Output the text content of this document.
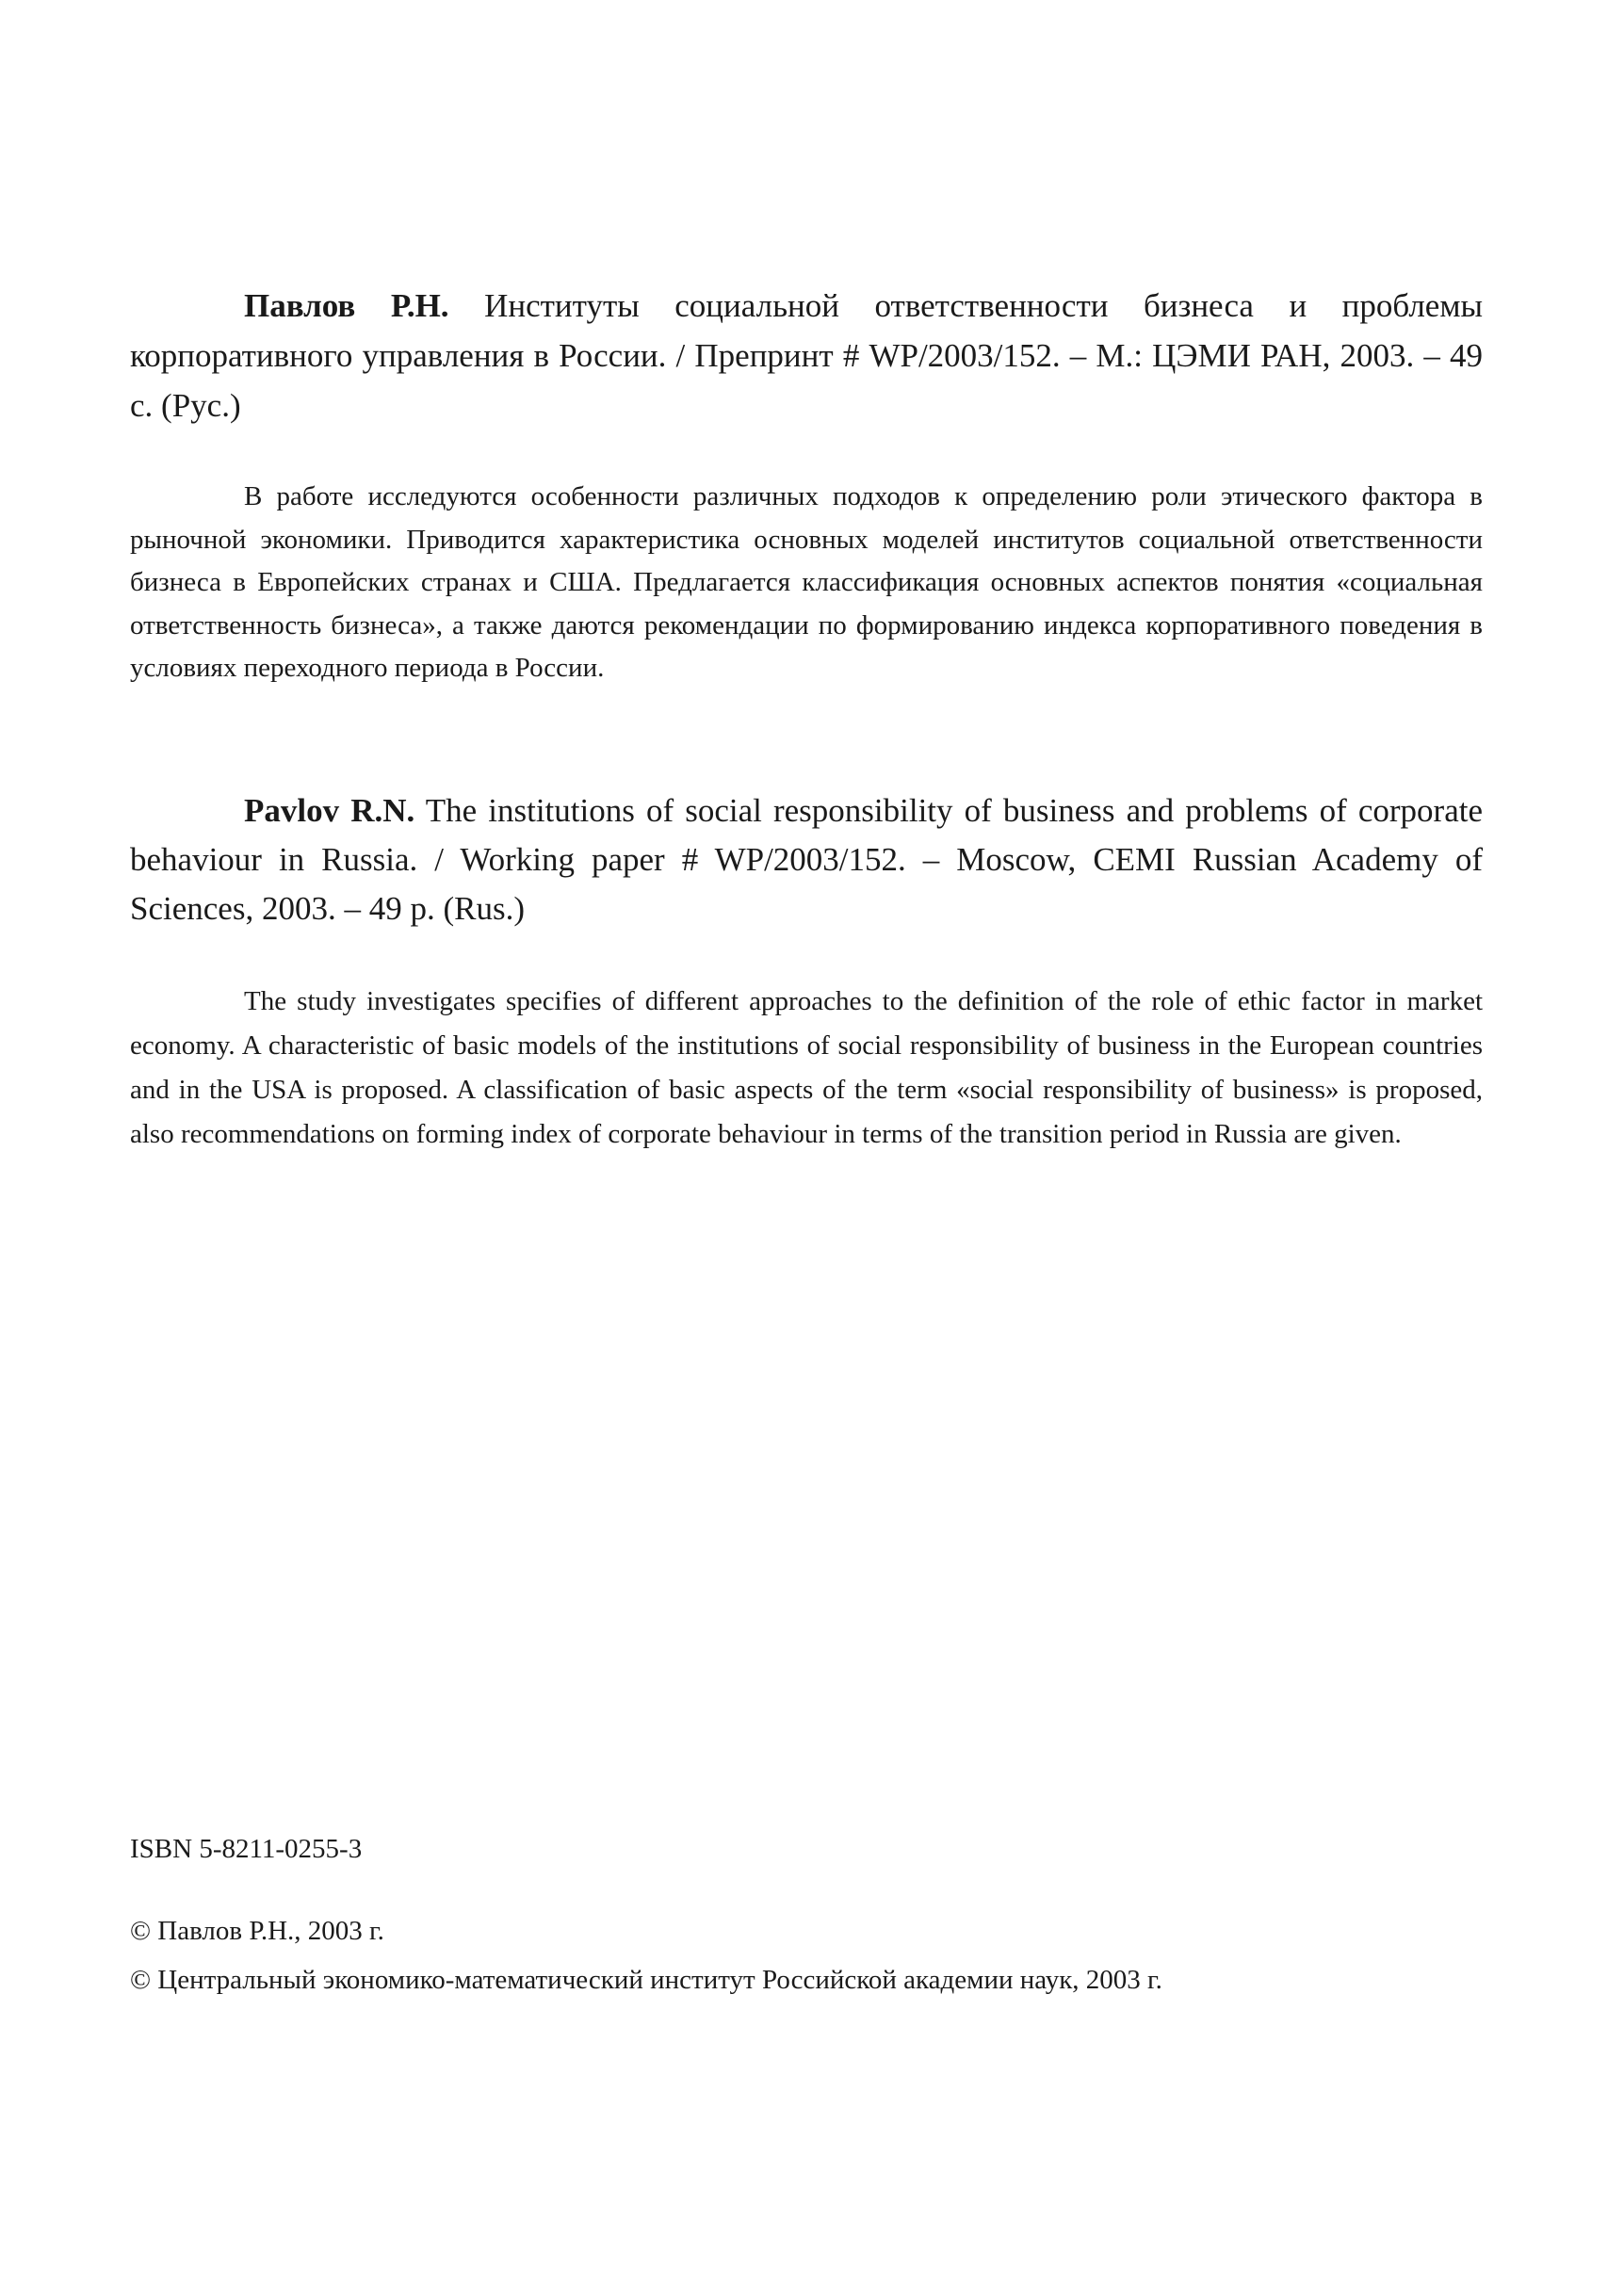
Павлов Р.Н. Институты социальной ответственности бизнеса и проблемы корпоративного управления в России. / Препринт # WP/2003/152. – М.: ЦЭМИ РАН, 2003. – 49 с. (Рус.)

В работе исследуются особенности различных подходов к определению роли этического фактора в рыночной экономики. Приводится характеристика основных моделей институтов социальной ответственности бизнеса в Европейских странах и США. Предлагается классификация основных аспектов понятия «социальная ответственность бизнеса», а также даются рекомендации по формированию индекса корпоративного поведения в условиях переходного периода в России.

Pavlov R.N. The institutions of social responsibility of business and problems of corporate behaviour in Russia. / Working paper # WP/2003/152. – Moscow, CEMI Russian Academy of Sciences, 2003. – 49 p. (Rus.)

The study investigates specifies of different approaches to the definition of the role of ethic factor in market economy. A characteristic of basic models of the institutions of social responsibility of business in the European countries and in the USA is proposed. A classification of basic aspects of the term «social responsibility of business» is proposed, also recommendations on forming index of corporate behaviour in terms of the transition period in Russia are given.

ISBN 5-8211-0255-3
© Павлов Р.Н., 2003 г.
© Центральный экономико-математический институт Российской академии наук, 2003 г.
